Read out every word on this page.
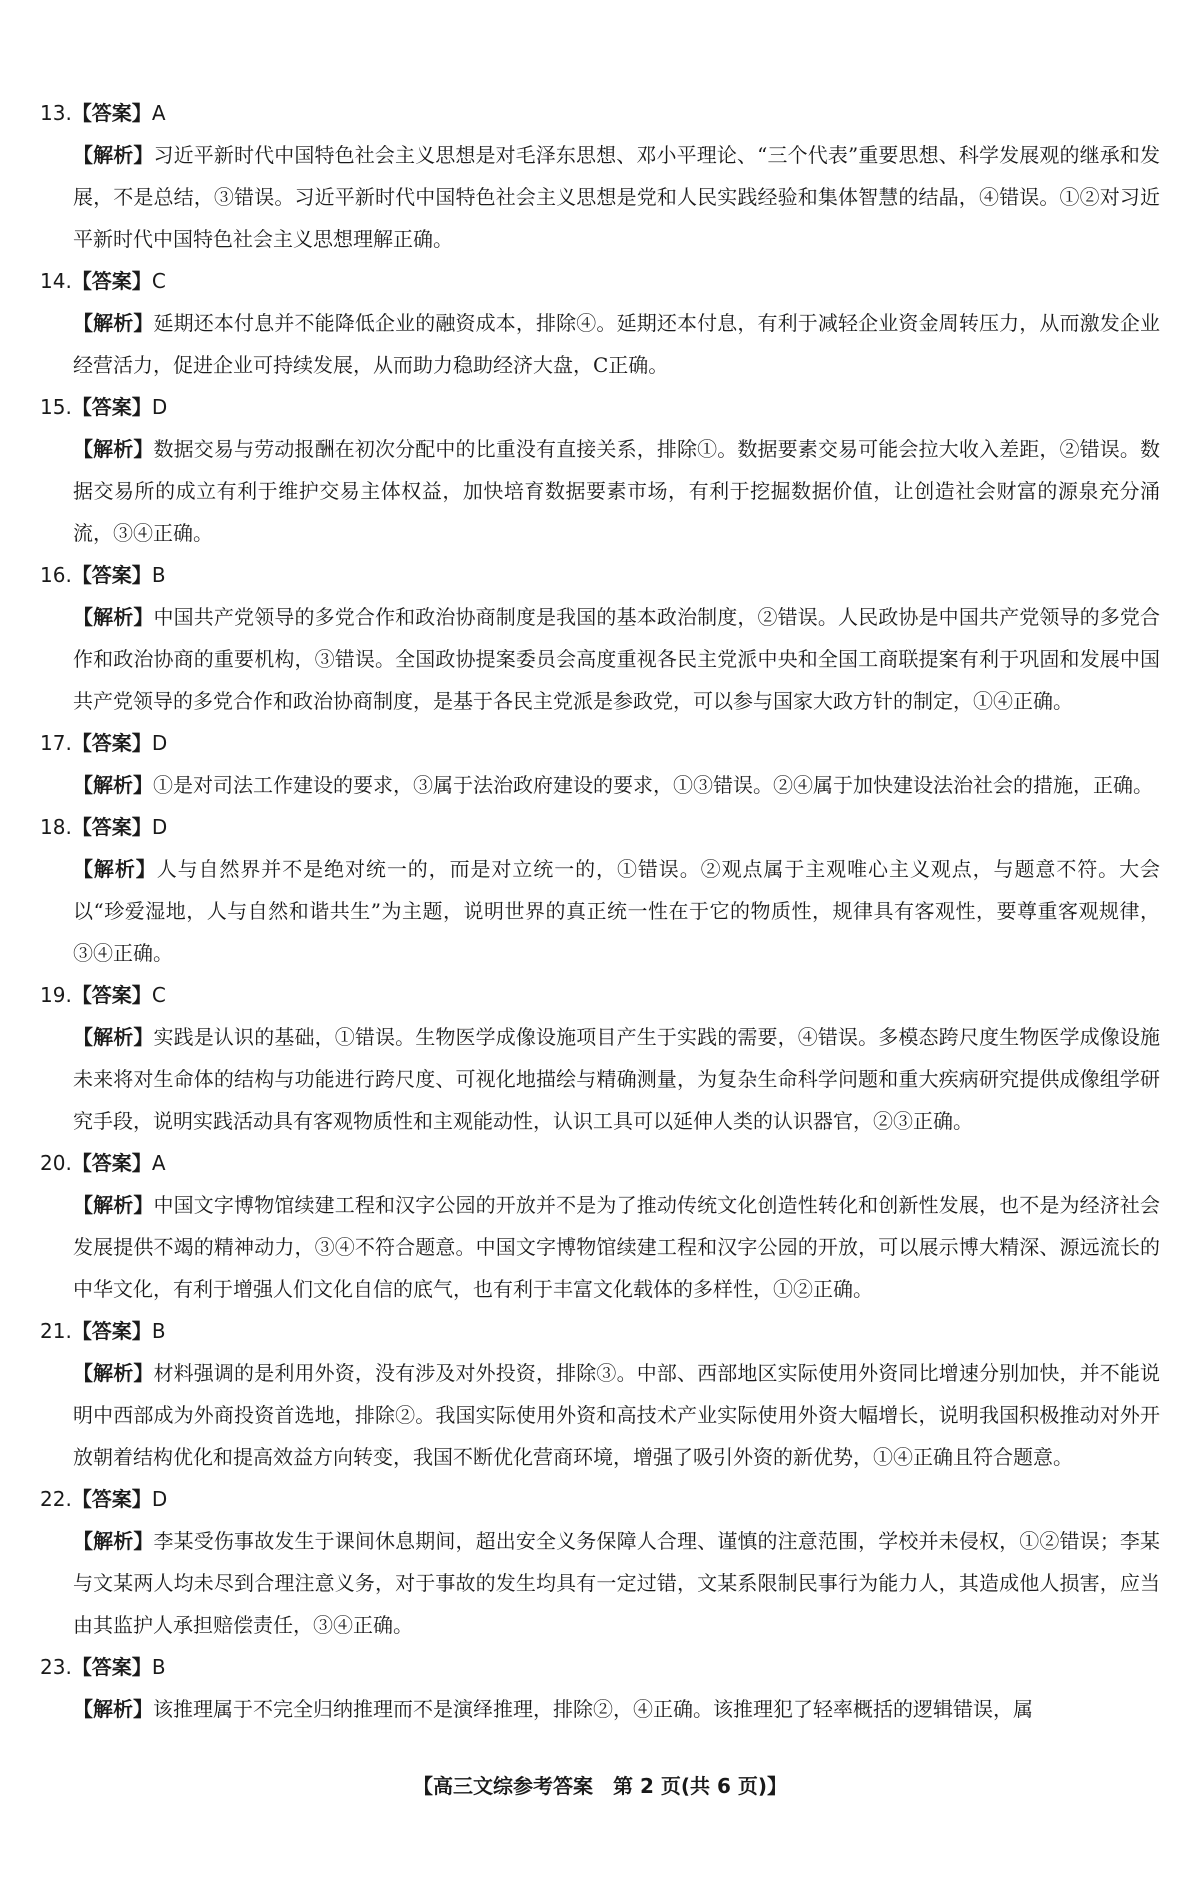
13.【答案】A
【解析】习近平新时代中国特色社会主义思想是对毛泽东思想、邓小平理论、“三个代表”重要思想、科学发展观的继承和发展，不是总结，③错误。习近平新时代中国特色社会主义思想是党和人民实践经验和集体智慧的结晶，④错误。①②对习近平新时代中国特色社会主义思想理解正确。
14.【答案】C
【解析】延期还本付息并不能降低企业的融资成本，排除④。延期还本付息，有利于减轻企业资金周转压力，从而激发企业经营活力，促进企业可持续发展，从而助力稳助经济大盘，C正确。
15.【答案】D
【解析】数据交易与劳动报酬在初次分配中的比重没有直接关系，排除①。数据要素交易可能会拉大收入差距，②错误。数据交易所的成立有利于维护交易主体权益，加快培育数据要素市场，有利于挖掘数据价值，让创造社会财富的源泉充分涌流，③④正确。
16.【答案】B
【解析】中国共产党领导的多党合作和政治协商制度是我国的基本政治制度，②错误。人民政协是中国共产党领导的多党合作和政治协商的重要机构，③错误。全国政协提案委员会高度重视各民主党派中央和全国工商联提案有利于巩固和发展中国共产党领导的多党合作和政治协商制度，是基于各民主党派是参政党，可以参与国家大政方针的制定，①④正确。
17.【答案】D
【解析】①是对司法工作建设的要求，③属于法治政府建设的要求，①③错误。②④属于加快建设法治社会的措施，正确。
18.【答案】D
【解析】人与自然界并不是绝对统一的，而是对立统一的，①错误。②观点属于主观唯心主义观点，与题意不符。大会以“珍爱湿地，人与自然和谐共生”为主题，说明世界的真正统一性在于它的物质性，规律具有客观性，要尊重客观规律，③④正确。
19.【答案】C
【解析】实践是认识的基础，①错误。生物医学成像设施项目产生于实践的需要，④错误。多模态跨尺度生物医学成像设施未来将对生命体的结构与功能进行跨尺度、可视化地描绘与精确测量，为复杂生命科学问题和重大疾病研究提供成像组学研究手段，说明实践活动具有客观物质性和主观能动性，认识工具可以延伸人类的认识器官，②③正确。
20.【答案】A
【解析】中国文字博物馆续建工程和汉字公园的开放并不是为了推动传统文化创造性转化和创新性发展，也不是为经济社会发展提供不竭的精神动力，③④不符合题意。中国文字博物馆续建工程和汉字公园的开放，可以展示博大精深、源远流长的中华文化，有利于增强人们文化自信的底气，也有利于丰富文化载体的多样性，①②正确。
21.【答案】B
【解析】材料强调的是利用外资，没有涉及对外投资，排除③。中部、西部地区实际使用外资同比增速分别加快，并不能说明中西部成为外商投资首选地，排除②。我国实际使用外资和高技术产业实际使用外资大幅增长，说明我国积极推动对外开放朝着结构优化和提高效益方向转变，我国不断优化营商环境，增强了吸引外资的新优势，①④正确且符合题意。
22.【答案】D
【解析】李某受伤事故发生于课间休息期间，超出安全义务保障人合理、谨慎的注意范围，学校并未侵权，①②错误；李某与文某两人均未尽到合理注意义务，对于事故的发生均具有一定过错，文某系限制民事行为能力人，其造成他人损害，应当由其监护人承担赔偿责任，③④正确。
23.【答案】B
【解析】该推理属于不完全归纳推理而不是演绎推理，排除②，④正确。该推理犯了轻率概括的逻辑错误，属
【高三文综参考答案　第 2 页(共 6 页)】
